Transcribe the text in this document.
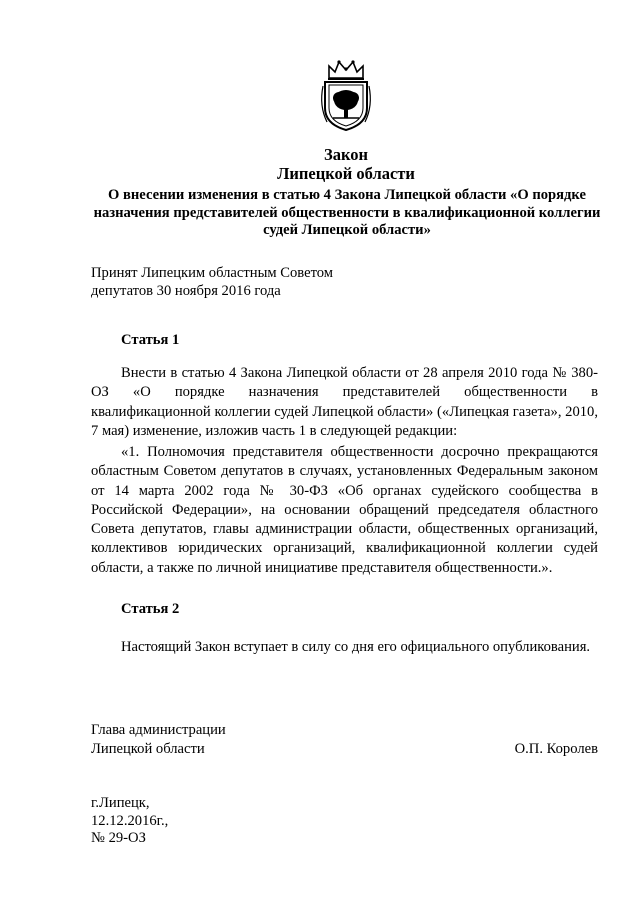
Закон
Липецкой области
О внесении изменения в статью 4 Закона Липецкой области «О порядке назначения представителей общественности в квалификационной коллегии судей Липецкой области»
Принят Липецким областным Советом
депутатов 30 ноября 2016 года
Статья 1
Внести в статью 4 Закона Липецкой области от 28 апреля 2010 года № 380-ОЗ «О порядке назначения представителей общественности в квалификационной коллегии судей Липецкой области» («Липецкая газета», 2010, 7 мая) изменение, изложив часть 1 в следующей редакции:
«1. Полномочия представителя общественности досрочно прекращаются областным Советом депутатов в случаях, установленных Федеральным законом от 14 марта 2002 года № 30-ФЗ «Об органах судейского сообщества в Российской Федерации», на основании обращений председателя областного Совета депутатов, главы администрации области, общественных организаций, коллективов юридических организаций, квалификационной коллегии судей области, а также по личной инициативе представителя общественности.».
Статья 2
Настоящий Закон вступает в силу со дня его официального опубликования.
Глава администрации
Липецкой области	О.П. Королев
г.Липецк,
12.12.2016г.,
№ 29-ОЗ
